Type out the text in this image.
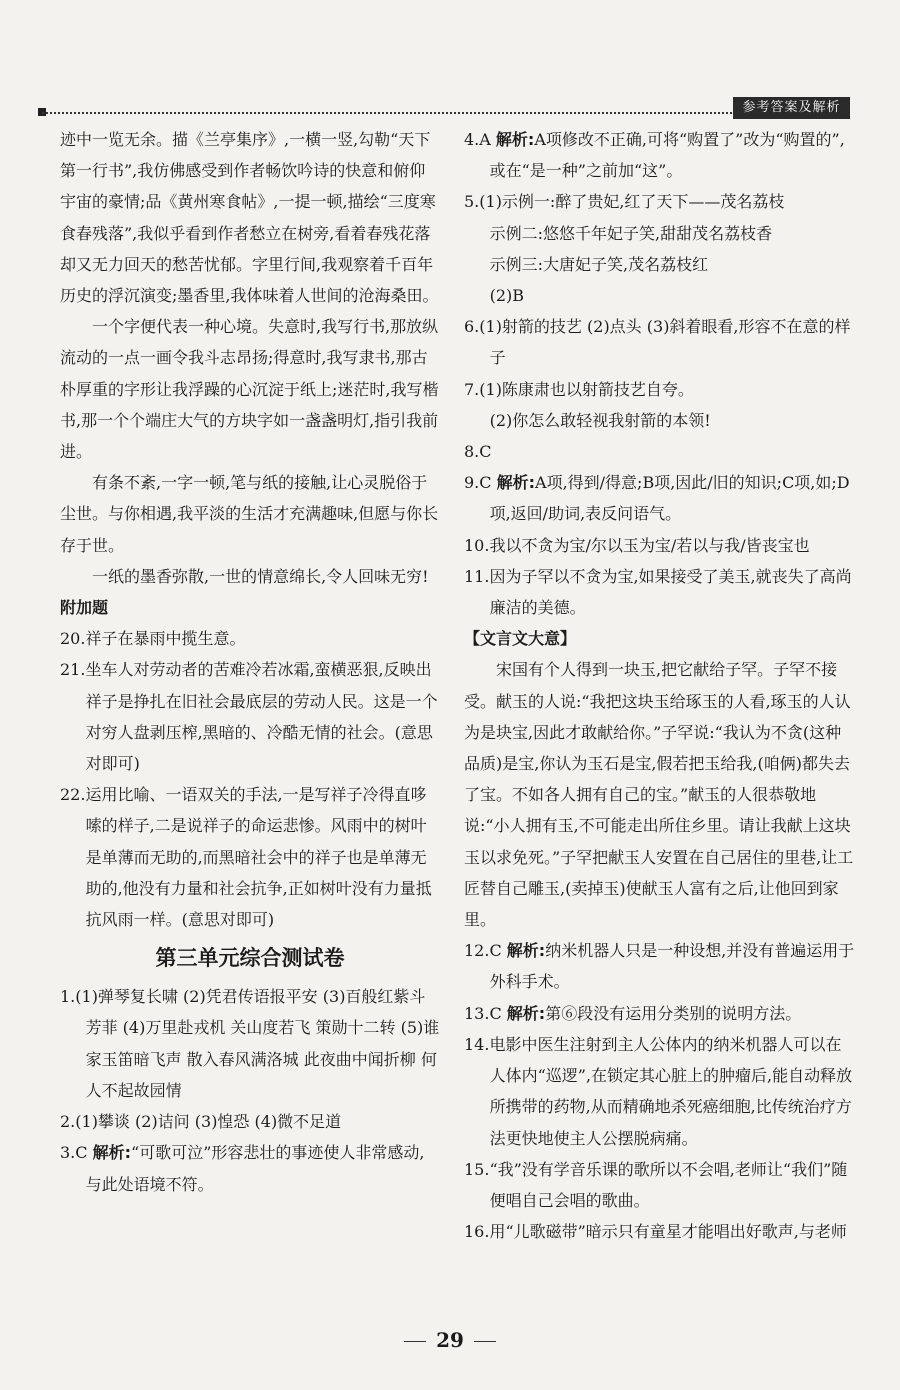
参考答案及解析

迹中一览无余。描《兰亭集序》,一横一竖,勾勒“天下第一行书”,我仿佛感受到作者畅饮吟诗的快意和俯仰宇宙的豪情;品《黄州寒食帖》,一提一顿,描绘“三度寒食春残落”,我似乎看到作者愁立在树旁,看着春残花落却又无力回天的愁苦忧郁。字里行间,我观察着千百年历史的浮沉演变;墨香里,我体味着人世间的沧海桑田。

一个字便代表一种心境。失意时,我写行书,那放纵流动的一点一画令我斗志昂扬;得意时,我写隶书,那古朴厚重的字形让我浮躁的心沉淀于纸上;迷茫时,我写楷书,那一个个端庄大气的方块字如一盏盏明灯,指引我前进。

有条不紊,一字一顿,笔与纸的接触,让心灵脱俗于尘世。与你相遇,我平淡的生活才充满趣味,但愿与你长存于世。

一纸的墨香弥散,一世的情意绵长,令人回味无穷!

附加题

20.祥子在暴雨中揽生意。

21.坐车人对劳动者的苦难冷若冰霜,蛮横恶狠,反映出祥子是挣扎在旧社会最底层的劳动人民。这是一个对穷人盘剥压榨,黑暗的、冷酷无情的社会。(意思对即可)

22.运用比喻、一语双关的手法,一是写祥子冷得直哆嗦的样子,二是说祥子的命运悲惨。风雨中的树叶是单薄而无助的,而黑暗社会中的祥子也是单薄无助的,他没有力量和社会抗争,正如树叶没有力量抵抗风雨一样。(意思对即可)

第三单元综合测试卷

1.(1)弹琴复长啸 (2)凭君传语报平安 (3)百般红紫斗芳菲 (4)万里赴戎机 关山度若飞 策勋十二转 (5)谁家玉笛暗飞声 散入春风满洛城 此夜曲中闻折柳 何人不起故园情

2.(1)攀谈 (2)诘问 (3)惶恐 (4)微不足道

3.C 解析:“可歌可泣”形容悲壮的事迹使人非常感动,与此处语境不符。

4.A 解析:A项修改不正确,可将“购置了”改为“购置的”,或在“是一种”之前加“这”。

5.(1)示例一:醉了贵妃,红了天下——茂名荔枝

示例二:悠悠千年妃子笑,甜甜茂名荔枝香

示例三:大唐妃子笑,茂名荔枝红

(2)B

6.(1)射箭的技艺 (2)点头 (3)斜着眼看,形容不在意的样子

7.(1)陈康肃也以射箭技艺自夸。

(2)你怎么敢轻视我射箭的本领!

8.C

9.C 解析:A项,得到/得意;B项,因此/旧的知识;C项,如;D项,返回/助词,表反问语气。

10.我以不贪为宝/尔以玉为宝/若以与我/皆丧宝也

11.因为子罕以不贪为宝,如果接受了美玉,就丧失了高尚廉洁的美德。

【文言文大意】

宋国有个人得到一块玉,把它献给子罕。子罕不接受。献玉的人说:“我把这块玉给琢玉的人看,琢玉的人认为是块宝,因此才敢献给你。”子罕说:“我认为不贪(这种品质)是宝,你认为玉石是宝,假若把玉给我,(咱俩)都失去了宝。不如各人拥有自己的宝。”献玉的人很恭敬地说:“小人拥有玉,不可能走出所住乡里。请让我献上这块玉以求免死。”子罕把献玉人安置在自己居住的里巷,让工匠替自己雕玉,(卖掉玉)使献玉人富有之后,让他回到家里。

12.C 解析:纳米机器人只是一种设想,并没有普遍运用于外科手术。

13.C 解析:第⑥段没有运用分类别的说明方法。

14.电影中医生注射到主人公体内的纳米机器人可以在人体内“巡逻”,在锁定其心脏上的肿瘤后,能自动释放所携带的药物,从而精确地杀死癌细胞,比传统治疗方法更快地使主人公摆脱病痛。

15.“我”没有学音乐课的歌所以不会唱,老师让“我们”随便唱自己会唱的歌曲。

16.用“儿歌磁带”暗示只有童星才能唱出好歌声,与老师

29
